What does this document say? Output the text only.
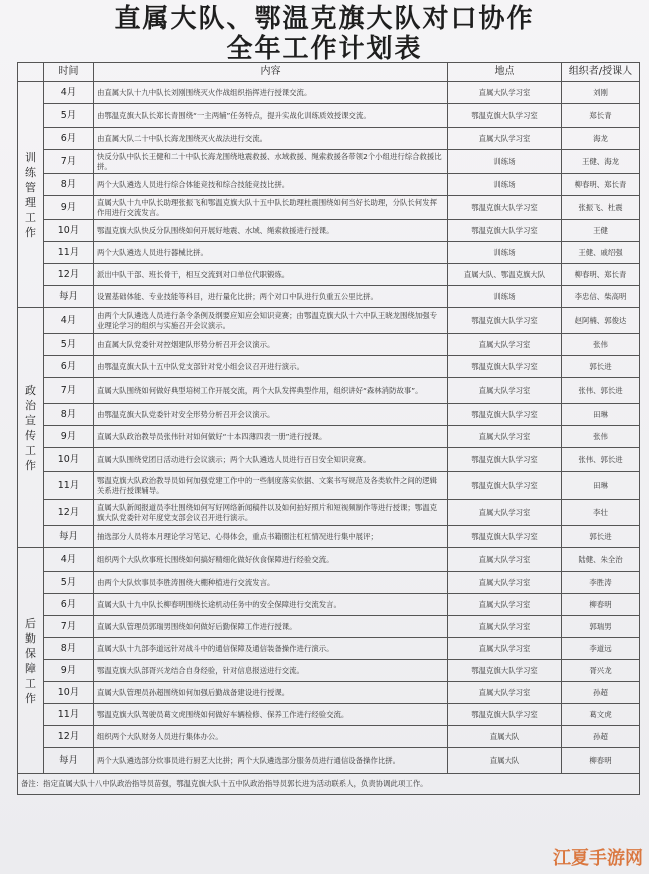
直属大队、鄂温克旗大队对口协作
全年工作计划表
	时间	内容	地点	组织者/授课人
训练管理工作	4月	由直属大队十九中队长刘刚围绕灭火作战组织指挥进行授课交流。	直属大队学习室	刘刚
	5月	由鄂温克旗大队长郑长青围绕“一主两辅”任务特点，提升实战化训练质效授课交流。	鄂温克旗大队学习室	郑长青
	6月	由直属大队二十中队长海龙围绕灭火战法进行交流。	直属大队学习室	海龙
	7月	快反分队中队长王健和二十中队长海龙围绕地震救援、水域救援、绳索救援各带领2个小组进行综合救援比拼。	训练场	王健、海龙
	8月	两个大队遴选人员进行综合体能竞技和综合技能竞技比拼。	训练场	柳春明、郑长青
	9月	直属大队十九中队长助理张振飞和鄂温克旗大队十五中队长助理杜震围绕如何当好长助理，分队长何发挥作用进行交流发言。	鄂温克旗大队学习室	张振飞、杜震
	10月	鄂温克旗大队快反分队围绕如何开展好地震、水域、绳索救援进行授课。	鄂温克旗大队学习室	王健
	11月	两个大队遴选人员进行器械比拼。	训练场	王健、戚绍强
	12月	派出中队干部、班长骨干，相互交流到对口单位代职锻炼。	直属大队、鄂温克旗大队	柳春明、郑长青
	每月	设置基础体能、专业技能等科目，进行量化比拼；两个对口中队进行负重五公里比拼。	训练场	李忠信、柴高明
政治宣传工作	4月	由两个大队遴选人员进行条令条例及纲要应知应会知识竞赛；由鄂温克旗大队十六中队王晓龙围绕加强专业理论学习的组织与实施召开会议演示。	鄂温克旗大队学习室	赵阿楠、郭俊达
	5月	由直属大队党委针对控烟建队形势分析召开会议演示。	直属大队学习室	张伟
	6月	由鄂温克旗大队十五中队党支部针对党小组会议召开进行演示。	鄂温克旗大队学习室	郭长进
	7月	直属大队围绕如何做好典型培树工作开展交流，两个大队发挥典型作用，组织讲好“森林消防故事”。	直属大队学习室	张伟、郭长进
	8月	由鄂温克旗大队党委针对安全形势分析召开会议演示。	鄂温克旗大队学习室	田琳
	9月	直属大队政治教导员张伟针对如何做好“十本四薄四表一册”进行授课。	直属大队学习室	张伟
	10月	直属大队围绕党团日活动进行会议演示；两个大队遴选人员进行百日安全知识竞赛。	鄂温克旗大队学习室	张伟、郭长进
	11月	鄂温克旗大队政治教导员如何加强党建工作中的一些制度落实依据、文案书写规范及各类软件之间的逻辑关系进行授课辅导。	鄂温克旗大队学习室	田琳
	12月	直属大队新闻报道员李壮围绕如何写好网络新闻稿件以及如何拍好照片和短视频制作等进行授课；鄂温克旗大队党委针对年度党支部会议召开进行演示。	直属大队学习室	李壮
	每月	抽选部分人员将本月理论学习笔记、心得体会，重点书籍圈注杠杠情况进行集中展评；	鄂温克旗大队学习室	郭长进
后勤保障工作	4月	组织两个大队炊事班长围绕如何搞好精细化做好伙食保障进行经验交流。	直属大队学习室	陆健、朱全治
	5月	由两个大队炊事员李胜涛围绕大棚种植进行交流发言。	直属大队学习室	李胜涛
	6月	直属大队十九中队长柳春明围绕长途机动任务中的安全保障进行交流发言。	直属大队学习室	柳春明
	7月	直属大队管理员郭瑞男围绕如何做好后勤保障工作进行授课。	直属大队学习室	郭瑞男
	8月	直属大队十九部李道远针对战斗中的通信保障及通信装备操作进行演示。	直属大队学习室	李道远
	9月	鄂温克旗大队部胥兴龙结合自身经验，针对信息报送进行交流。	鄂温克旗大队学习室	胥兴龙
	10月	直属大队管理员孙超围绕如何加强后勤战备建设进行授课。	直属大队学习室	孙超
	11月	鄂温克旗大队驾驶员葛文虎围绕如何做好车辆检修、保养工作进行经验交流。	鄂温克旗大队学习室	葛文虎
	12月	组织两个大队财务人员进行集体办公。	直属大队	孙超
	每月	两个大队遴选部分炊事员进行厨艺大比拼；两个大队遴选部分服务员进行通信设备操作比拼。	直属大队	柳春明
备注：指定直属大队十八中队政治指导员苗强，鄂温克旗大队十五中队政治指导员郭长进为活动联系人，负责协调此项工作。				
江夏手游网
